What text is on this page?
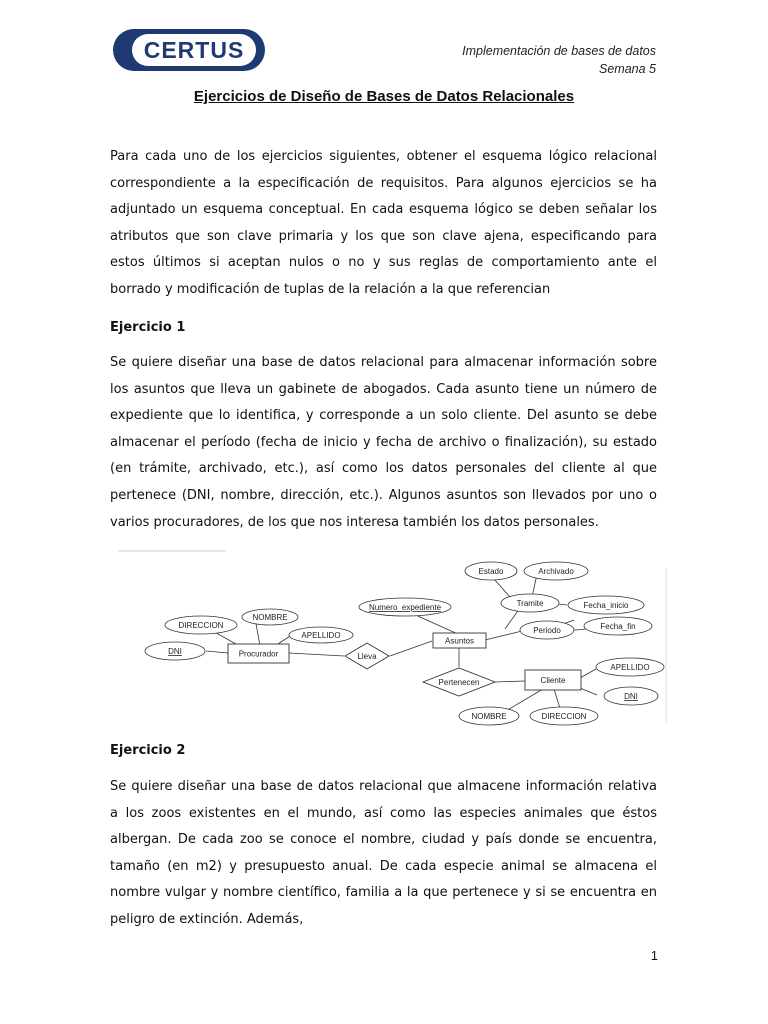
CERTUS	Implementación de bases de datos
Semana 5
Ejercicios de Diseño de Bases de Datos Relacionales
Para cada uno de los ejercicios siguientes, obtener el esquema lógico relacional correspondiente a la especificación de requisitos. Para algunos ejercicios se ha adjuntado un esquema conceptual. En cada esquema lógico se deben señalar los atributos que son clave primaria y los que son clave ajena, especificando para estos últimos si aceptan nulos o no y sus reglas de comportamiento ante el borrado y modificación de tuplas de la relación a la que referencian
Ejercicio 1
Se quiere diseñar una base de datos relacional para almacenar información sobre los asuntos que lleva un gabinete de abogados. Cada asunto tiene un número de expediente que lo identifica, y corresponde a un solo cliente. Del asunto se debe almacenar el período (fecha de inicio y fecha de archivo o finalización), su estado (en trámite, archivado, etc.), así como los datos personales del cliente al que pertenece (DNI, nombre, dirección, etc.). Algunos asuntos son llevados por uno o varios procuradores, de los que nos interesa también los datos personales.
Procurador
Asuntos
Cliente
Lleva
Pertenecen
DIRECCION
NOMBRE
APELLIDO
DNI
Numero_expediente
Estado	Archivado
Tramite	Fecha_inicio
Periodo	Fecha_fin
APELLIDO
DNI
NOMBRE	DIRECCION
Ejercicio 2
Se quiere diseñar una base de datos relacional que almacene información relativa a los zoos existentes en el mundo, así como las especies animales que éstos albergan. De cada zoo se conoce el nombre, ciudad y país donde se encuentra, tamaño (en m2) y presupuesto anual. De cada especie animal se almacena el nombre vulgar y nombre científico, familia a la que pertenece y si se encuentra en peligro de extinción. Además,
1
